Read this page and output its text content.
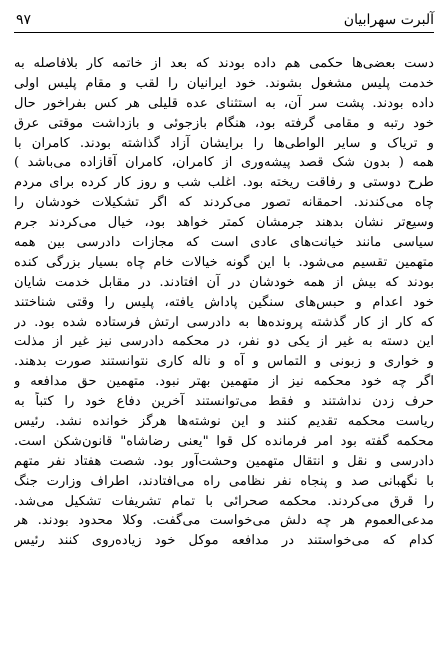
آلبرت سهرابیان
۹۷
دست بعضی‌ها حکمی هم داده بودند که بعد از خاتمه کار بلافاصله به
خدمت پلیس مشغول بشوند. خود ایرانیان را لقب و مقام پلیس اولی
داده بودند. پشت سر آن، به استثنای عده قلیلی هر کس بفراخور حال
خود رتبه و مقامی گرفته بود، هنگام بازجوئی و بازداشت موقتی عرق
و تریاک و سایر الواطی‌ها را برایشان آزاد گذاشته بودند. کامران با
همه ( بدون شک قصد پیشه‌وری از کامران، کامران آقازاده می‌باشد )
طرح دوستی و رفاقت ریخته بود. اغلب شب و روز کار کرده برای مردم
چاه می‌کندند. احمقانه تصور می‌کردند که اگر تشکیلات خودشان را
وسیع‌تر نشان بدهند جرمشان کمتر خواهد بود، خیال می‌کردند جرم
سیاسی مانند خیانت‌های عادی است که مجازات دادرسی بین همه
متهمین تقسیم می‌شود. با این گونه خیالات خام چاه بسیار بزرگی کنده
بودند که بیش از همه خودشان در آن افتادند. در مقابل خدمت شایان
خود اعدام و حبس‌های سنگین پاداش یافته، پلیس را وقتی شناختند
که کار از کار گذشته پرونده‌ها به دادرسی ارتش فرستاده شده بود. در
این دسته به غیر از یکی دو نفر، در محکمه دادرسی نیز غیر از مذلت
و خواری و زبونی و التماس و آه و ناله کاری نتوانستند صورت بدهند.
اگر چه خود محکمه نیز از متهمین بهتر نبود. متهمین حق مدافعه و
حرف زدن نداشتند و فقط می‌توانستند آخرین دفاع خود را کتباً به
ریاست محکمه تقدیم کنند و این نوشته‌ها هرگز خوانده نشد. رئیس
محکمه گفته بود امر فرمانده کل قوا "یعنی رضاشاه" قانون‌شکن است.
دادرسی و نقل و انتقال متهمین وحشت‌آور بود. شصت هفتاد نفر متهم
با نگهبانی صد و پنجاه نفر نظامی راه می‌افتادند، اطراف وزارت جنگ
را قرق می‌کردند. محکمه صحرائی با تمام تشریفات تشکیل می‌شد.
مدعی‌العموم هر چه دلش می‌خواست می‌گفت. وکلا محدود بودند. هر
کدام که می‌خواستند در مدافعه موکل خود زیاده‌روی کنند رئیس
